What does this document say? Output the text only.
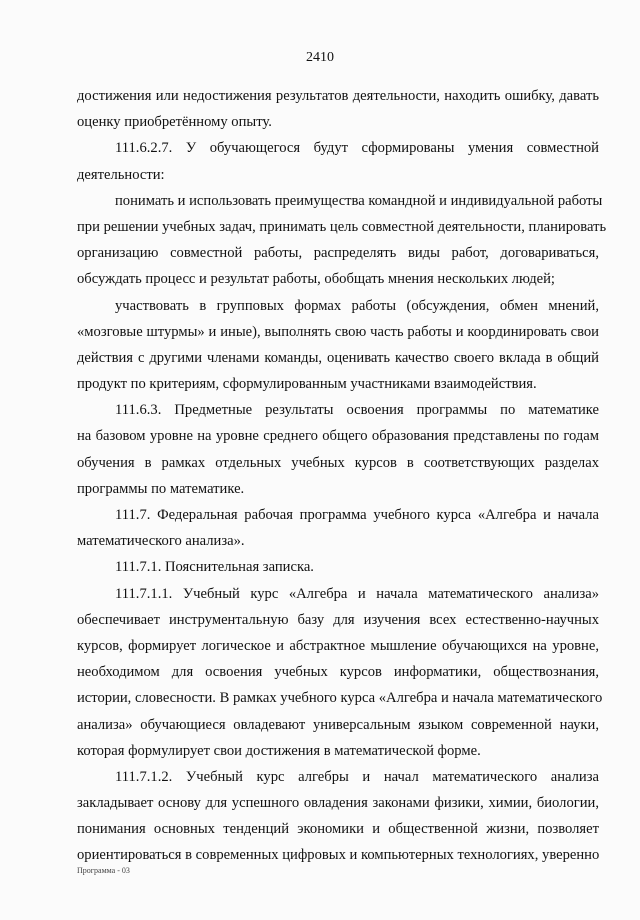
2410
достижения или недостижения результатов деятельности, находить ошибку, давать
оценку приобретённому опыту.
111.6.2.7. У обучающегося будут сформированы умения совместной
деятельности:
понимать и использовать преимущества командной и индивидуальной работы
при решении учебных задач, принимать цель совместной деятельности, планировать
организацию совместной работы, распределять виды работ, договариваться,
обсуждать процесс и результат работы, обобщать мнения нескольких людей;
участвовать в групповых формах работы (обсуждения, обмен мнений,
«мозговые штурмы» и иные), выполнять свою часть работы и координировать свои
действия с другими членами команды, оценивать качество своего вклада в общий
продукт по критериям, сформулированным участниками взаимодействия.
111.6.3. Предметные результаты освоения программы по математике
на базовом уровне на уровне среднего общего образования представлены по годам
обучения в рамках отдельных учебных курсов в соответствующих разделах
программы по математике.
111.7. Федеральная рабочая программа учебного курса «Алгебра и начала
математического анализа».
111.7.1. Пояснительная записка.
111.7.1.1. Учебный курс «Алгебра и начала математического анализа»
обеспечивает инструментальную базу для изучения всех естественно-научных
курсов, формирует логическое и абстрактное мышление обучающихся на уровне,
необходимом для освоения учебных курсов информатики, обществознания,
истории, словесности. В рамках учебного курса «Алгебра и начала математического
анализа» обучающиеся овладевают универсальным языком современной науки,
которая формулирует свои достижения в математической форме.
111.7.1.2. Учебный курс алгебры и начал математического анализа
закладывает основу для успешного овладения законами физики, химии, биологии,
понимания основных тенденций экономики и общественной жизни, позволяет
ориентироваться в современных цифровых и компьютерных технологиях, уверенно
Программа - 03
